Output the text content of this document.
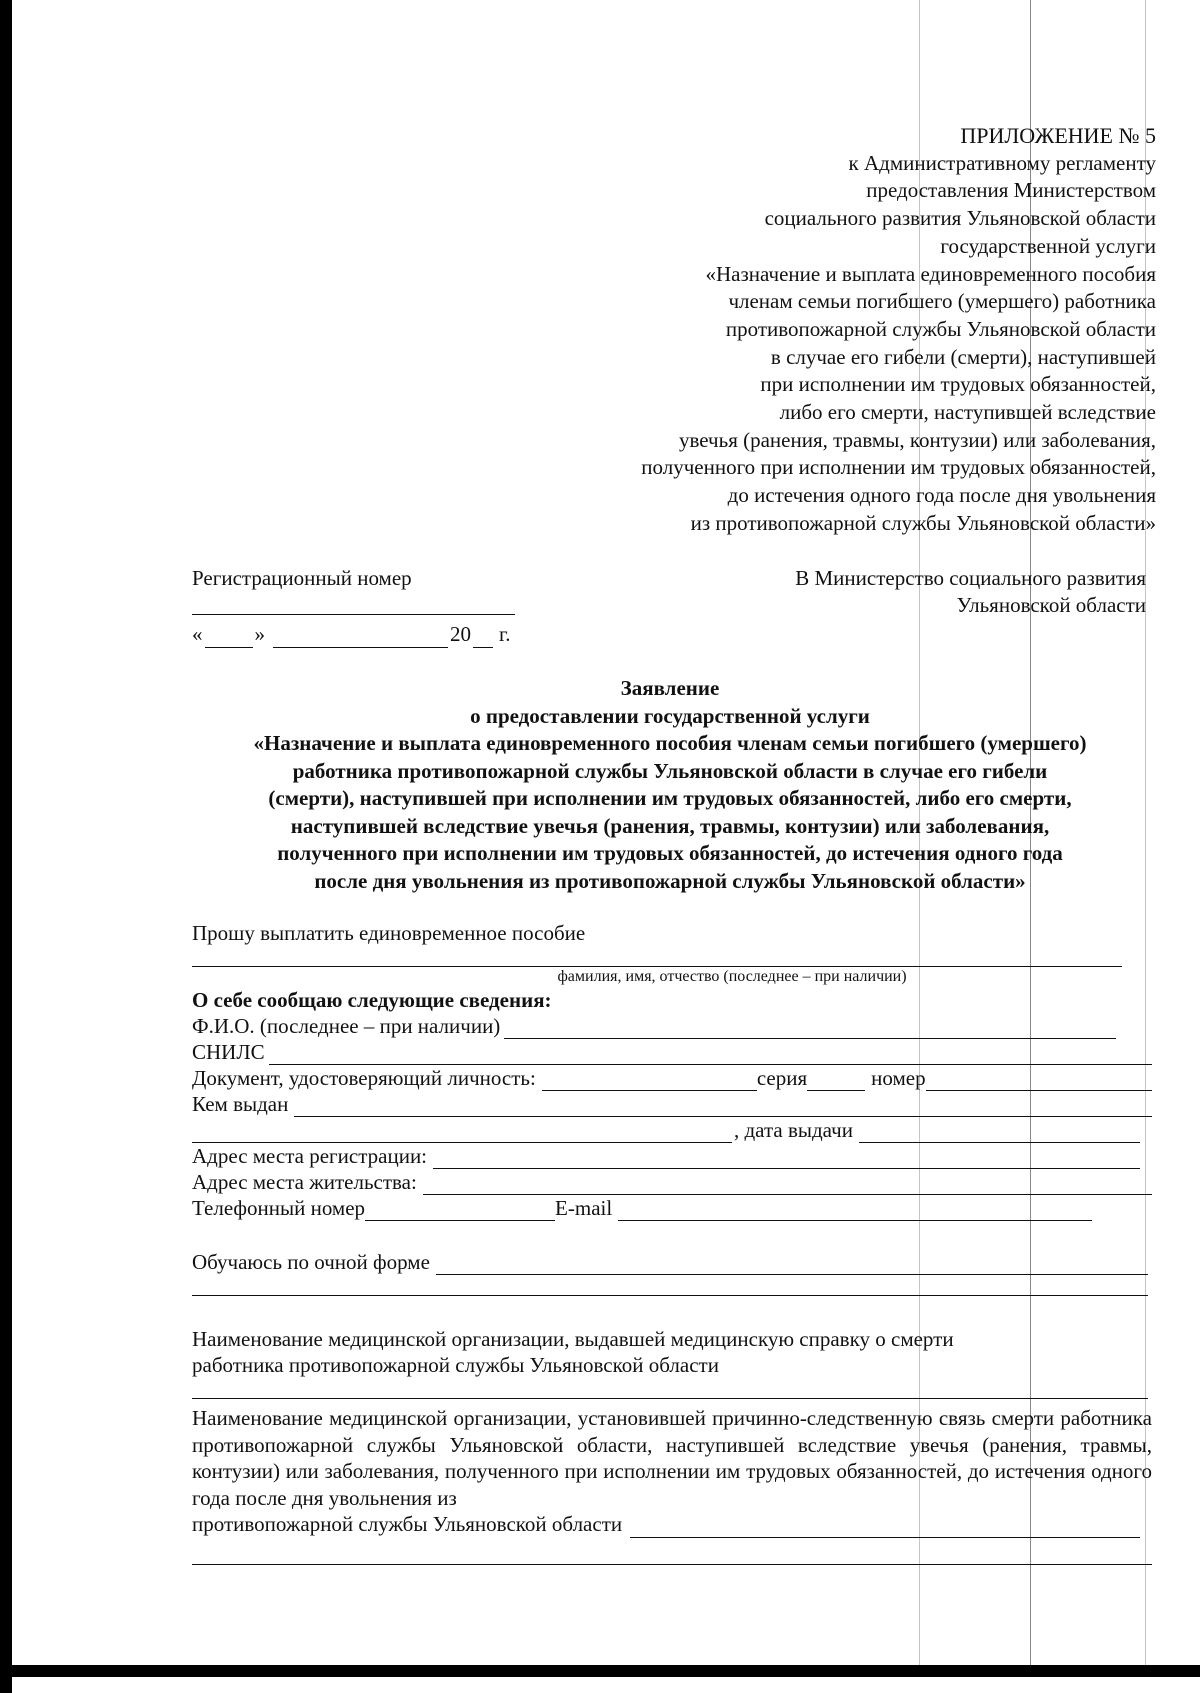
ПРИЛОЖЕНИЕ № 5
к Административному регламенту
предоставления Министерством
социального развития Ульяновской области
государственной услуги
«Назначение и выплата единовременного пособия
членам семьи погибшего (умершего) работника
противопожарной службы Ульяновской области
в случае его гибели (смерти), наступившей
при исполнении им трудовых обязанностей,
либо его смерти, наступившей вследствие
увечья (ранения, травмы, контузии) или заболевания,
полученного при исполнении им трудовых обязанностей,
до истечения одного года после дня увольнения
из противопожарной службы Ульяновской области»
Регистрационный номер
« »	20 г.
В Министерство социального развития
Ульяновской области
Заявление
о предоставлении государственной услуги
«Назначение и выплата единовременного пособия членам семьи погибшего (умершего)
работника противопожарной службы Ульяновской области в случае его гибели
(смерти), наступившей при исполнении им трудовых обязанностей, либо его смерти,
наступившей вследствие увечья (ранения, травмы, контузии) или заболевания,
полученного при исполнении им трудовых обязанностей, до истечения одного года
после дня увольнения из противопожарной службы Ульяновской области»
Прошу выплатить единовременное пособие
фамилия, имя, отчество (последнее – при наличии)
О себе сообщаю следующие сведения:
Ф.И.О. (последнее – при наличии)
СНИЛС
Документ, удостоверяющий личность:	серия	номер
Кем выдан
, дата выдачи
Адрес места регистрации:
Адрес места жительства:
Телефонный номер	E-mail
Обучаюсь по очной форме
Наименование медицинской организации, выдавшей медицинскую справку о смерти
работника противопожарной службы Ульяновской области
Наименование медицинской организации, установившей причинно-следственную связь смерти работника противопожарной службы Ульяновской области, наступившей вследствие увечья (ранения, травмы, контузии) или заболевания, полученного при исполнении им трудовых обязанностей, до истечения одного года после дня увольнения из
противопожарной службы Ульяновской области
